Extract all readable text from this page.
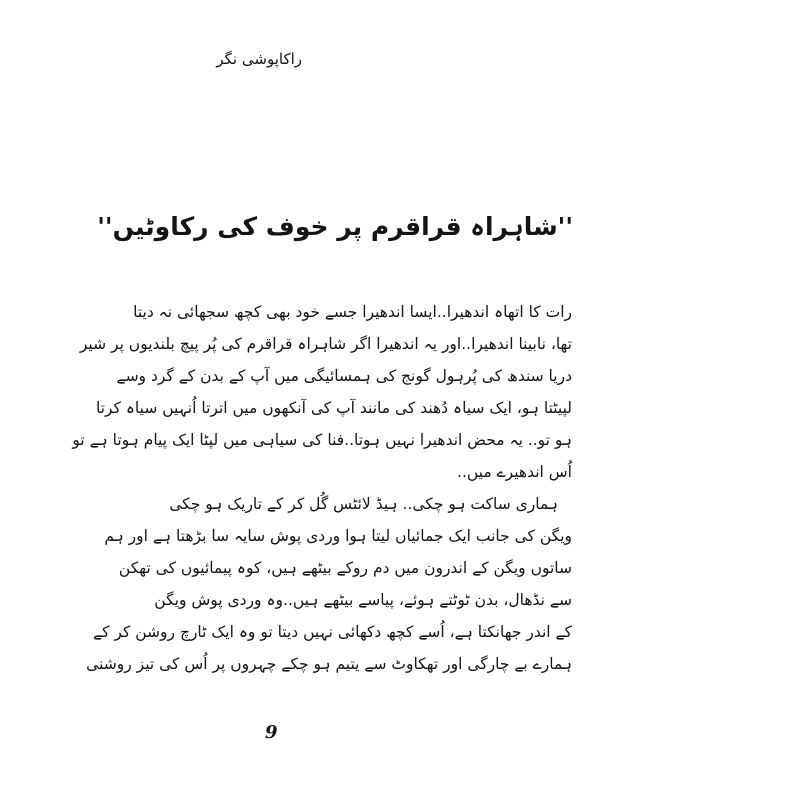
راکاپوشی نگر
''شاہراہ قراقرم پر خوف کی رکاوٹیں''
رات کا اتھاہ اندھیرا..ایسا اندھیرا جسے خود بھی کچھ سجھائی نہ دیتا
تھا، نابینا اندھیرا..اور یہ اندھیرا اگر شاہراہ قراقرم کی پُر پیچ بلندیوں پر شیر
دریا سندھ کی پُرہول گونج کی ہمسائیگی میں آپ کے بدن کے گرد وسے
لپیٹتا ہو، ایک سیاہ دُھند کی مانند آپ کی آنکھوں میں اترتا اُنہیں سیاہ کرتا
ہو تو.. یہ محض اندھیرا نہیں ہوتا..فنا کی سیاہی میں لپٹا ایک پیام ہوتا ہے تو
اُس اندھیرے میں..
ہماری ساکت ہو چکی.. ہیڈ لائٹس گُل کر کے تاریک ہو چکی
ویگن کی جانب ایک جمائیاں لیتا ہوا وردی پوش سایہ سا بڑھتا ہے اور ہم
ساتوں ویگن کے اندرون میں دم روکے بیٹھے ہیں، کوہ پیمائیوں کی تھکن
سے نڈھال، بدن ٹوٹتے ہوئے، پیاسے بیٹھے ہیں..وہ وردی پوش ویگن
کے اندر جھانکتا ہے، اُسے کچھ دکھائی نہیں دیتا تو وہ ایک ٹارچ روشن کر کے
ہمارے بے چارگی اور تھکاوٹ سے یتیم ہو چکے چہروں پر اُس کی تیز روشنی
9
